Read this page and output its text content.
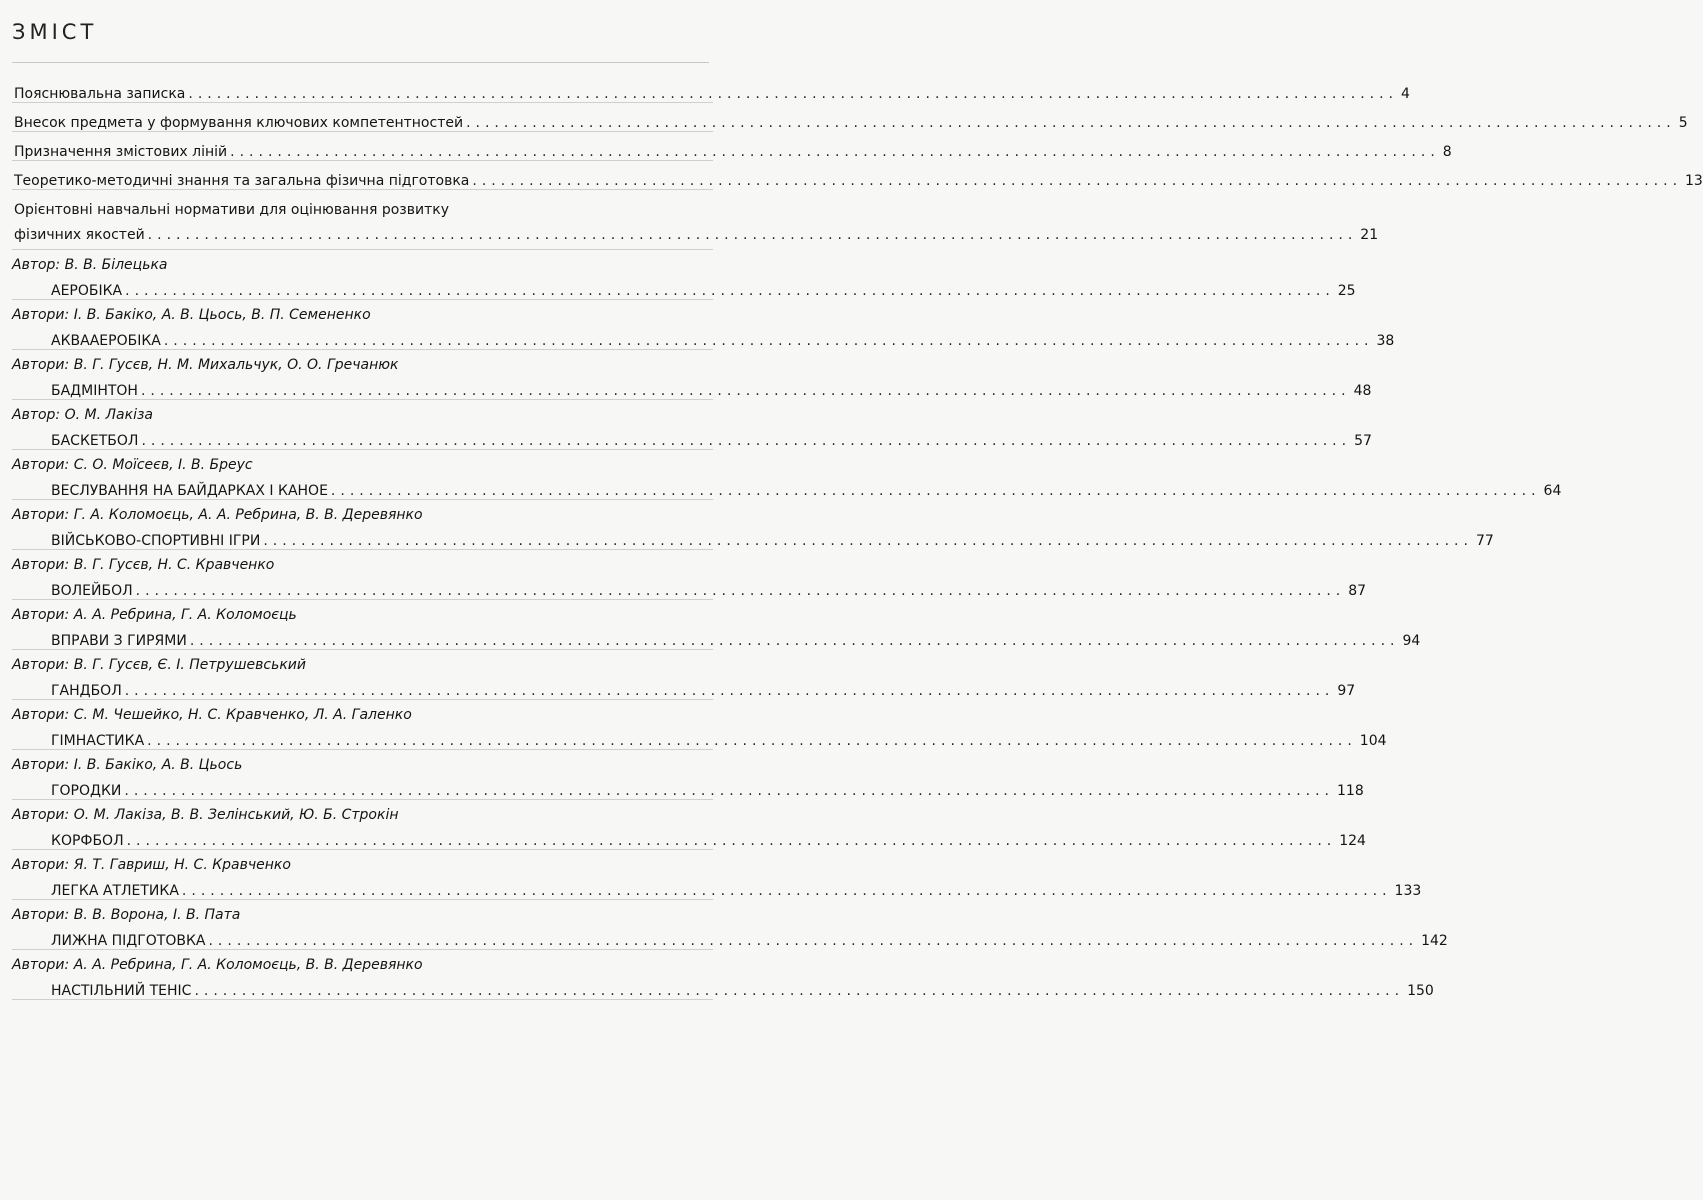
ЗМІСТ
Пояснювальна записка ................................................................................................................................ 4
Внесок предмета у формування ключових компетентностей ................................................................................................................................ 5
Призначення змістових ліній ................................................................................................................................ 8
Теоретико-методичні знання та загальна фізична підготовка ................................................................................................................................ 13
Орієнтовні навчальні нормативи для оцінювання розвитку
фізичних якостей ................................................................................................................................ 21
Автор:
В. В. Білецька
АЕРОБІКА ................................................................................................................................ 25
Автори:
І. В. Бакіко, А. В. Цьось, В. П. Семененко
АКВААЕРОБІКА ................................................................................................................................ 38
Автори:
В. Г. Гусєв, Н. М. Михальчук, О. О. Гречанюк
БАДМІНТОН ................................................................................................................................ 48
Автор:
О. М. Лакіза
БАСКЕТБОЛ ................................................................................................................................ 57
Автори:
С. О. Моїсеєв, І. В. Бреус
ВЕСЛУВАННЯ НА БАЙДАРКАХ І КАНОЕ ................................................................................................................................ 64
Автори:
Г. А. Коломоєць, А. А. Ребрина, В. В. Деревянко
ВІЙСЬКОВО-СПОРТИВНІ ІГРИ ................................................................................................................................ 77
Автори:
В. Г. Гусєв, Н. С. Кравченко
ВОЛЕЙБОЛ ................................................................................................................................ 87
Автори:
А. А. Ребрина, Г. А. Коломоєць
ВПРАВИ З ГИРЯМИ ................................................................................................................................ 94
Автори:
В. Г. Гусєв, Є. І. Петрушевський
ГАНДБОЛ ................................................................................................................................ 97
Автори:
С. М. Чешейко, Н. С. Кравченко, Л. А. Галенко
ГІМНАСТИКА ................................................................................................................................ 104
Автори:
І. В. Бакіко, А. В. Цьось
ГОРОДКИ ................................................................................................................................ 118
Автори:
О. М. Лакіза, В. В. Зелінський, Ю. Б. Строкін
КОРФБОЛ ................................................................................................................................ 124
Автори:
Я. Т. Гавриш, Н. С. Кравченко
ЛЕГКА АТЛЕТИКА ................................................................................................................................ 133
Автори:
В. В. Ворона, І. В. Пата
ЛИЖНА ПІДГОТОВКА ................................................................................................................................ 142
Автори:
А. А. Ребрина, Г. А. Коломоєць, В. В. Деревянко
НАСТІЛЬНИЙ ТЕНІС ................................................................................................................................ 150
